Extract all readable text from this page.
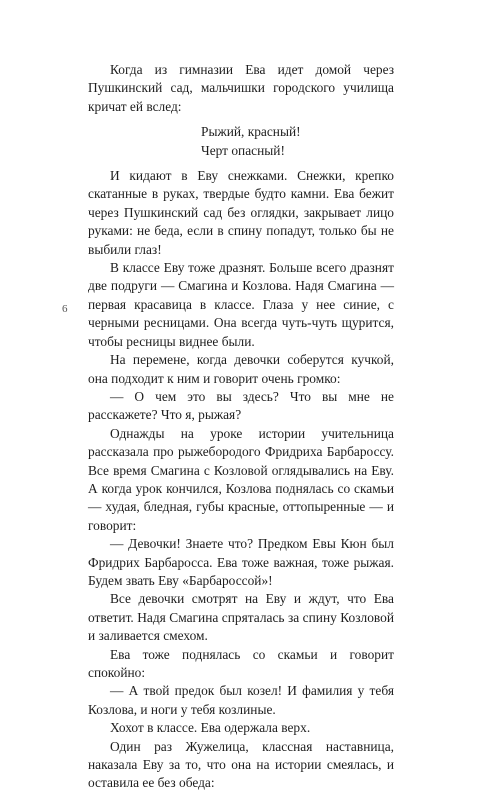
6

Когда из гимназии Ева идет домой через Пушкинский сад, мальчишки городского училища кричат ей вслед:

Рыжий, красный!
Черт опасный!

И кидают в Еву снежками. Снежки, крепко скатанные в руках, твердые будто камни. Ева бежит через Пушкинский сад без оглядки, закрывает лицо руками: не беда, если в спину попадут, только бы не выбили глаз!

В классе Еву тоже дразнят. Больше всего дразнят две подруги — Смагина и Козлова. Надя Смагина — первая красавица в классе. Глаза у нее синие, с черными ресницами. Она всегда чуть-чуть щурится, чтобы ресницы виднее были.

На перемене, когда девочки соберутся кучкой, она подходит к ним и говорит очень громко:

— О чем это вы здесь? Что вы мне не расскажете? Что я, рыжая?

Однажды на уроке истории учительница рассказала про рыжебородого Фридриха Барбароссу. Все время Смагина с Козловой оглядывались на Еву. А когда урок кончился, Козлова поднялась со скамьи — худая, бледная, губы красные, оттопыренные — и говорит:

— Девочки! Знаете что? Предком Евы Кюн был Фридрих Барбаросса. Ева тоже важная, тоже рыжая. Будем звать Еву «Барбароссой»!

Все девочки смотрят на Еву и ждут, что Ева ответит. Надя Смагина спряталась за спину Козловой и заливается смехом.

Ева тоже поднялась со скамьи и говорит спокойно:

— А твой предок был козел! И фамилия у тебя Козлова, и ноги у тебя козлиные.

Хохот в классе. Ева одержала верх.

Один раз Жужелица, классная наставница, наказала Еву за то, что она на истории смеялась, и оставила ее без обеда:
